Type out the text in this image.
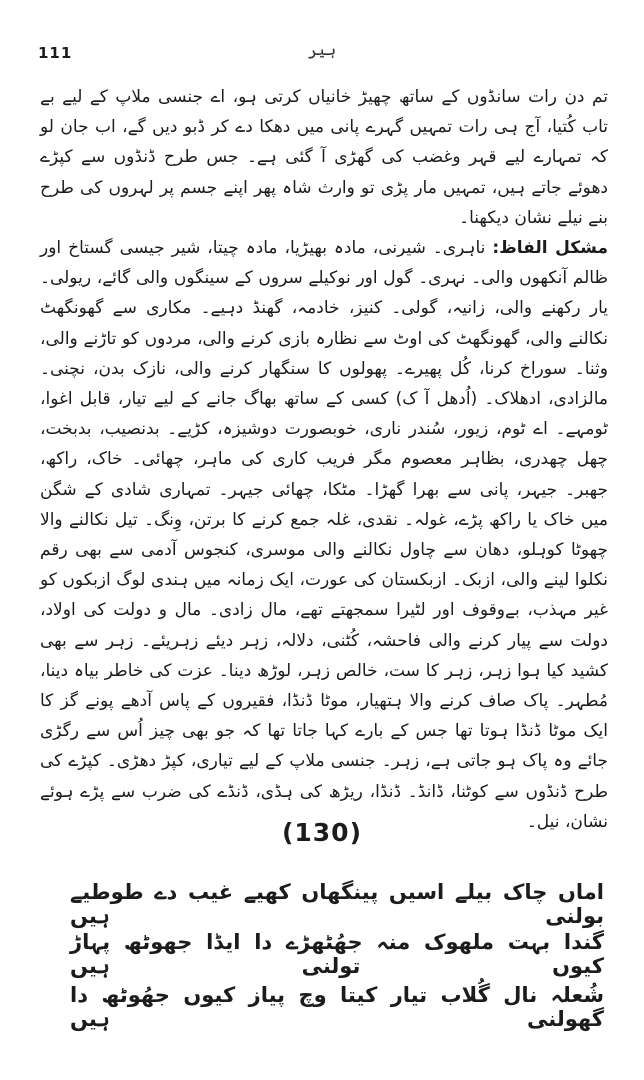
111	ہیر

تم دن رات سانڈوں کے ساتھ چھیڑ خانیاں کرتی ہو، اے جنسی ملاپ کے لیے بے تاب کُتیا، آج ہی رات تمہیں گہرے پانی میں دھکا دے کر ڈبو دیں گے، اب جان لو کہ تمہارے لیے قہر وغضب کی گھڑی آ گئی ہے۔ جس طرح ڈنڈوں سے کپڑے دھوئے جاتے ہیں، تمہیں مار پڑی تو وارث شاہ پھر اپنے جسم پر لہروں کی طرح بنے نیلے نشان دیکھنا۔

مشکل الفاظ: ناہری۔ شیرنی، مادہ بھیڑیا، مادہ چیتا، شیر جیسی گستاخ اور ظالم آنکھوں والی۔ نہری۔ گول اور نوکیلے سروں کے سینگوں والی گائے، ریولی۔ یار رکھنے والی، زانیہ، گولی۔ کنیز، خادمہ، گھنڈ دہیے۔ مکاری سے گھونگھٹ نکالنے والی، گھونگھٹ کی اوٹ سے نظارہ بازی کرنے والی، مردوں کو تاڑنے والی، وثنا۔ سوراخ کرنا، کُل پھیرے۔ پھولوں کا سنگھار کرنے والی، نازک بدن، نچنی۔ مالزادی، ادھلاک۔ (اُدھل آ ک) کسی کے ساتھ بھاگ جانے کے لیے تیار، قابل اغوا، ٹومہے۔ اے ٹوم، زیور، سُندر ناری، خوبصورت دوشیزہ، کڑیے۔ بدنصیب، بدبخت، چھل چھدری، بظاہر معصوم مگر فریب کاری کی ماہر، چھائی۔ خاک، راکھ، جھبر۔ جیہر، پانی سے بھرا گھڑا۔ مٹکا، چھائی جیہر۔ تمہاری شادی کے شگن میں خاک یا راکھ پڑے، غولہ۔ نقدی، غلہ جمع کرنے کا برتن، وِنگ۔ تیل نکالنے والا چھوٹا کوہلو، دھان سے چاول نکالنے والی موسری، کنجوس آدمی سے بھی رقم نکلوا لینے والی، ازبک۔ ازبکستان کی عورت، ایک زمانہ میں ہندی لوگ ازبکوں کو غیر مہذب، بےوقوف اور لٹیرا سمجھتے تھے، مال زادی۔ مال و دولت کی اولاد، دولت سے پیار کرنے والی فاحشہ، کُٹنی، دلالہ، زہر دیئے زہریئے۔ زہر سے بھی کشید کیا ہوا زہر، زہر کا ست، خالص زہر، لوڑھ دینا۔ عزت کی خاطر بیاہ دینا، مُطہر۔ پاک صاف کرنے والا ہتھیار، موٹا ڈنڈا، فقیروں کے پاس آدھے پونے گز کا ایک موٹا ڈنڈا ہوتا تھا جس کے بارے کہا جاتا تھا کہ جو بھی چیز اُس سے رگڑی جائے وہ پاک ہو جاتی ہے، زہر۔ جنسی ملاپ کے لیے تیاری، کپڑ دھڑی۔ کپڑے کی طرح ڈنڈوں سے کوٹنا، ڈانڈ۔ ڈنڈا، ریڑھ کی ہڈی، ڈنڈے کی ضرب سے پڑے ہوئے نشان، نیل۔

(130)
اماں چاک بیلے اسیں پینگھاں کھیے غیب دے طوطیے بولنی ہیں
گندا بہت ملھوک منہ جھُٹھڑے دا ایڈا جھوٹھ پہاڑ کیوں تولنی ہیں
شُعلہ نال گُلاب تیار کیتا وچ پیاز کیوں جھُوٹھ دا گھولنی ہیں
